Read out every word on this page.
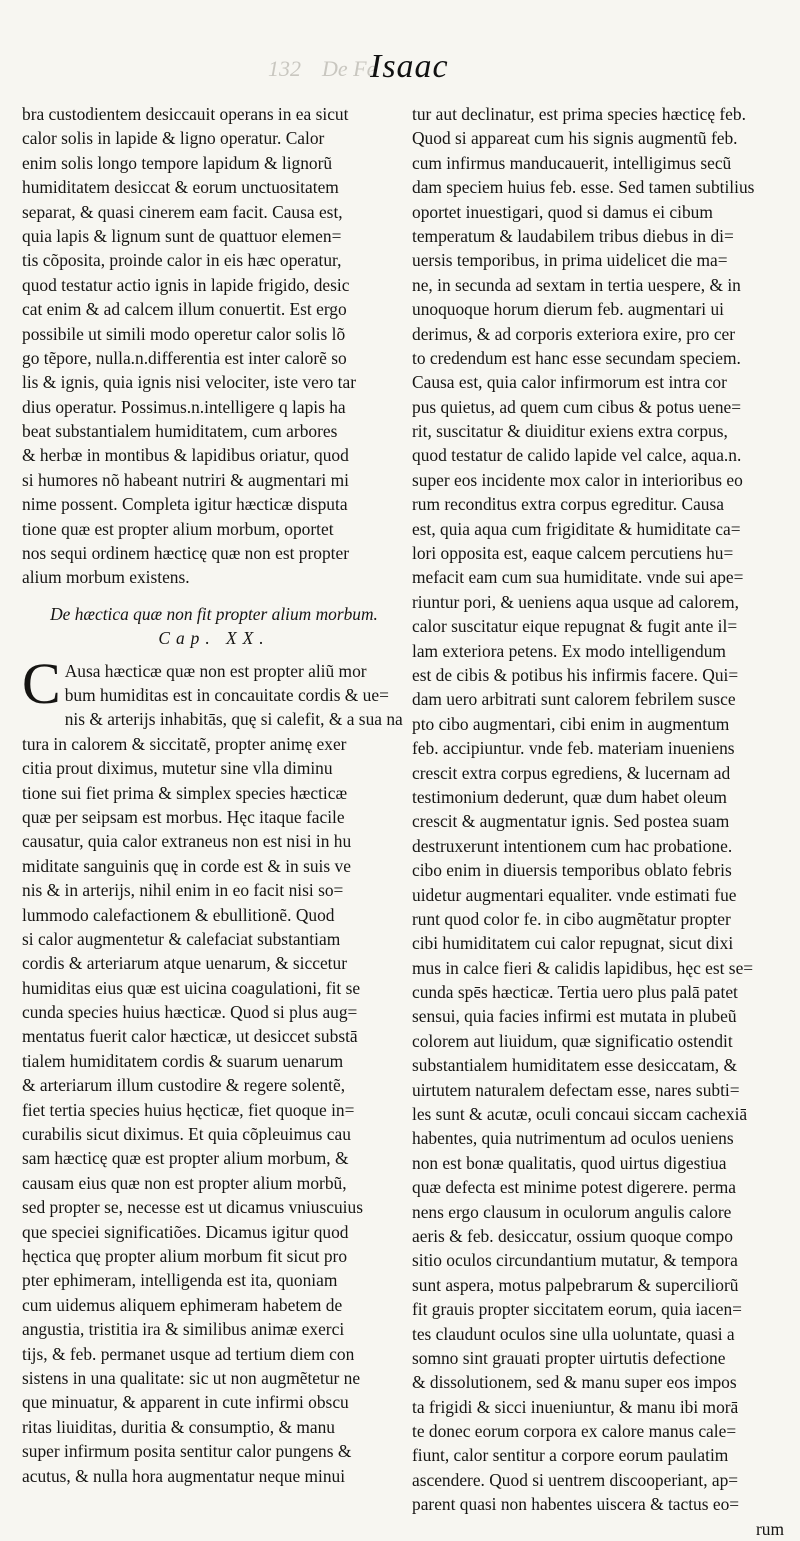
132 De Fe
Isaac
bra custodientem desiccauit operans in ea sicut
calor solis in lapide & ligno operatur. Calor
enim solis longo tempore lapidum & lignorũ
humiditatem desiccat & eorum unctuositatem
separat, & quasi cinerem eam facit. Causa est,
quia lapis & lignum sunt de quattuor elemen=
tis cõposita, proinde calor in eis hæc operatur,
quod testatur actio ignis in lapide frigido, desic
cat enim & ad calcem illum conuertit. Est ergo
possibile ut simili modo operetur calor solis lõ
go tẽpore, nulla.n.differentia est inter calorẽ so
lis & ignis, quia ignis nisi velociter, iste vero tar
dius operatur. Possimus.n.intelligere q lapis ha
beat substantialem humiditatem, cum arbores
& herbæ in montibus & lapidibus oriatur, quod
si humores nõ habeant nutriri & augmentari mi
nime possent. Completa igitur hæcticæ disputa
tione quæ est propter alium morbum, oportet
nos sequi ordinem hæcticę quæ non est propter
alium morbum existens.
De hæctica quæ non fit propter alium morbum.
Cap. XX.
C Ausa hæcticæ quæ non est propter aliũ mor
bum humiditas est in concauitate cordis & ue=
nis & arterijs inhabitās, quę si calefit, & a sua na
tura in calorem & siccitatẽ, propter animę exer
citia prout diximus, mutetur sine vlla diminu
tione sui fiet prima & simplex species hæcticæ
quæ per seipsam est morbus. Hęc itaque facile
causatur, quia calor extraneus non est nisi in hu
miditate sanguinis quę in corde est & in suis ve
nis & in arterijs, nihil enim in eo facit nisi so=
lummodo calefactionem & ebullitionẽ. Quod
si calor augmentetur & calefaciat substantiam
cordis & arteriarum atque uenarum, & siccetur
humiditas eius quæ est uicina coagulationi, fit se
cunda species huius hæcticæ. Quod si plus aug=
mentatus fuerit calor hæcticæ, ut desiccet substā
tialem humiditatem cordis & suarum uenarum
& arteriarum illum custodire & regere solentẽ,
fiet tertia species huius hęcticæ, fiet quoque in=
curabilis sicut diximus. Et quia cõpleuimus cau
sam hæcticę quæ est propter alium morbum, &
causam eius quæ non est propter alium morbũ,
sed propter se, necesse est ut dicamus vniuscuius
que speciei significatiões. Dicamus igitur quod
hęctica quę propter alium morbum fit sicut pro
pter ephimeram, intelligenda est ita, quoniam
cum uidemus aliquem ephimeram habetem de
angustia, tristitia ira & similibus animæ exerci
tijs, & feb. permanet usque ad tertium diem con
sistens in una qualitate: sic ut non augmẽtetur ne
que minuatur, & apparent in cute infirmi obscu
ritas liuiditas, duritia & consumptio, & manu
super infirmum posita sentitur calor pungens &
acutus, & nulla hora augmentatur neque minui
tur aut declinatur, est prima species hæcticę feb.
Quod si appareat cum his signis augmentũ feb.
cum infirmus manducauerit, intelligimus secũ
dam speciem huius feb. esse. Sed tamen subtilius
oportet inuestigari, quod si damus ei cibum
temperatum & laudabilem tribus diebus in di=
uersis temporibus, in prima uidelicet die ma=
ne, in secunda ad sextam in tertia uespere, & in
unoquoque horum dierum feb. augmentari ui
derimus, & ad corporis exteriora exire, pro cer
to credendum est hanc esse secundam speciem.
Causa est, quia calor infirmorum est intra cor
pus quietus, ad quem cum cibus & potus uene=
rit, suscitatur & diuiditur exiens extra corpus,
quod testatur de calido lapide vel calce, aqua.n.
super eos incidente mox calor in interioribus eo
rum reconditus extra corpus egreditur. Causa
est, quia aqua cum frigiditate & humiditate ca=
lori opposita est, eaque calcem percutiens hu=
mefacit eam cum sua humiditate. vnde sui ape=
riuntur pori, & ueniens aqua usque ad calorem,
calor suscitatur eique repugnat & fugit ante il=
lam exteriora petens. Ex modo intelligendum
est de cibis & potibus his infirmis facere. Qui=
dam uero arbitrati sunt calorem febrilem susce
pto cibo augmentari, cibi enim in augmentum
feb. accipiuntur. vnde feb. materiam inueniens
crescit extra corpus egrediens, & lucernam ad
testimonium dederunt, quæ dum habet oleum
crescit & augmentatur ignis. Sed postea suam
destruxerunt intentionem cum hac probatione.
cibo enim in diuersis temporibus oblato febris
uidetur augmentari equaliter. vnde estimati fue
runt quod color fe. in cibo augmẽtatur propter
cibi humiditatem cui calor repugnat, sicut dixi
mus in calce fieri & calidis lapidibus, hęc est se=
cunda spēs hæcticæ. Tertia uero plus palā patet
sensui, quia facies infirmi est mutata in plubeũ
colorem aut liuidum, quæ significatio ostendit
substantialem humiditatem esse desiccatam, &
uirtutem naturalem defectam esse, nares subti=
les sunt & acutæ, oculi concaui siccam cachexiā
habentes, quia nutrimentum ad oculos ueniens
non est bonæ qualitatis, quod uirtus digestiua
quæ defecta est minime potest digerere. perma
nens ergo clausum in oculorum angulis calore
aeris & feb. desiccatur, ossium quoque compo
sitio oculos circundantium mutatur, & tempora
sunt aspera, motus palpebrarum & superciliorũ
fit grauis propter siccitatem eorum, quia iacen=
tes claudunt oculos sine ulla uoluntate, quasi a
somno sint grauati propter uirtutis defectione
& dissolutionem, sed & manu super eos impos
ta frigidi & sicci inueniuntur, & manu ibi morā
te donec eorum corpora ex calore manus cale=
fiunt, calor sentitur a corpore eorum paulatim
ascendere. Quod si uentrem discooperiant, ap=
parent quasi non habentes uiscera & tactus eo=
rum
